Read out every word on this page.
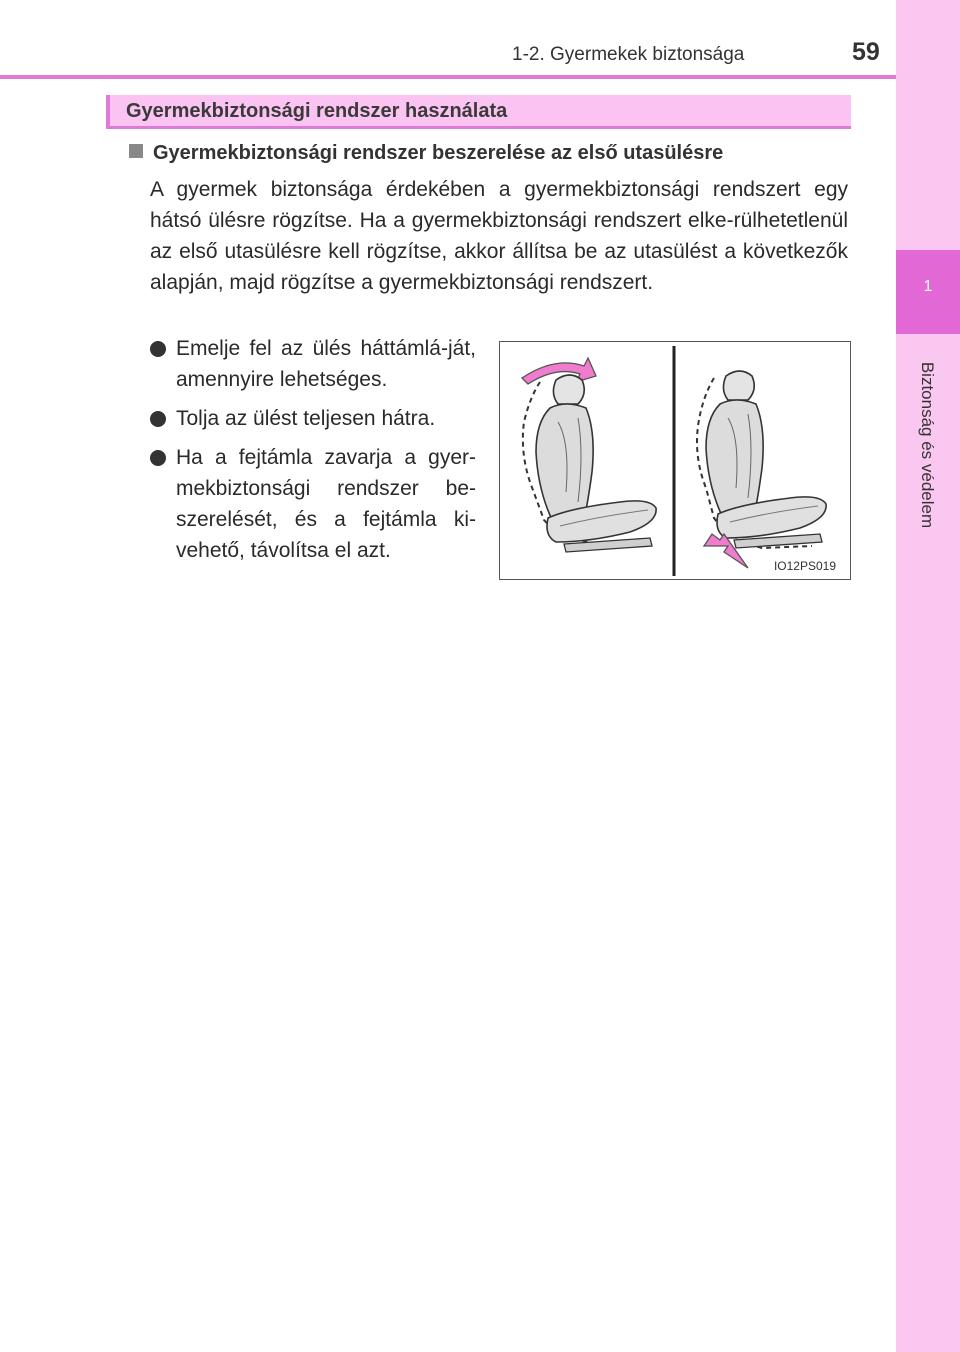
1-2. Gyermekek biztonsága	59
1
Biztonság és védelem
Gyermekbiztonsági rendszer használata
Gyermekbiztonsági rendszer beszerelése az első utasülésre
A gyermek biztonsága érdekében a gyermekbiztonsági rendszert egy hátsó ülésre rögzítse. Ha a gyermekbiztonsági rendszert elke-rülhetetlenül az első utasülésre kell rögzítse, akkor állítsa be az utasülést a következők alapján, majd rögzítse a gyermekbiztonsági rendszert.
Emelje fel az ülés háttámlá-ját, amennyire lehetséges.
Tolja az ülést teljesen hátra.
Ha a fejtámla zavarja a gyer-mekbiztonsági rendszer be-szerelését, és a fejtámla ki-vehető, távolítsa el azt.
IO12PS019
